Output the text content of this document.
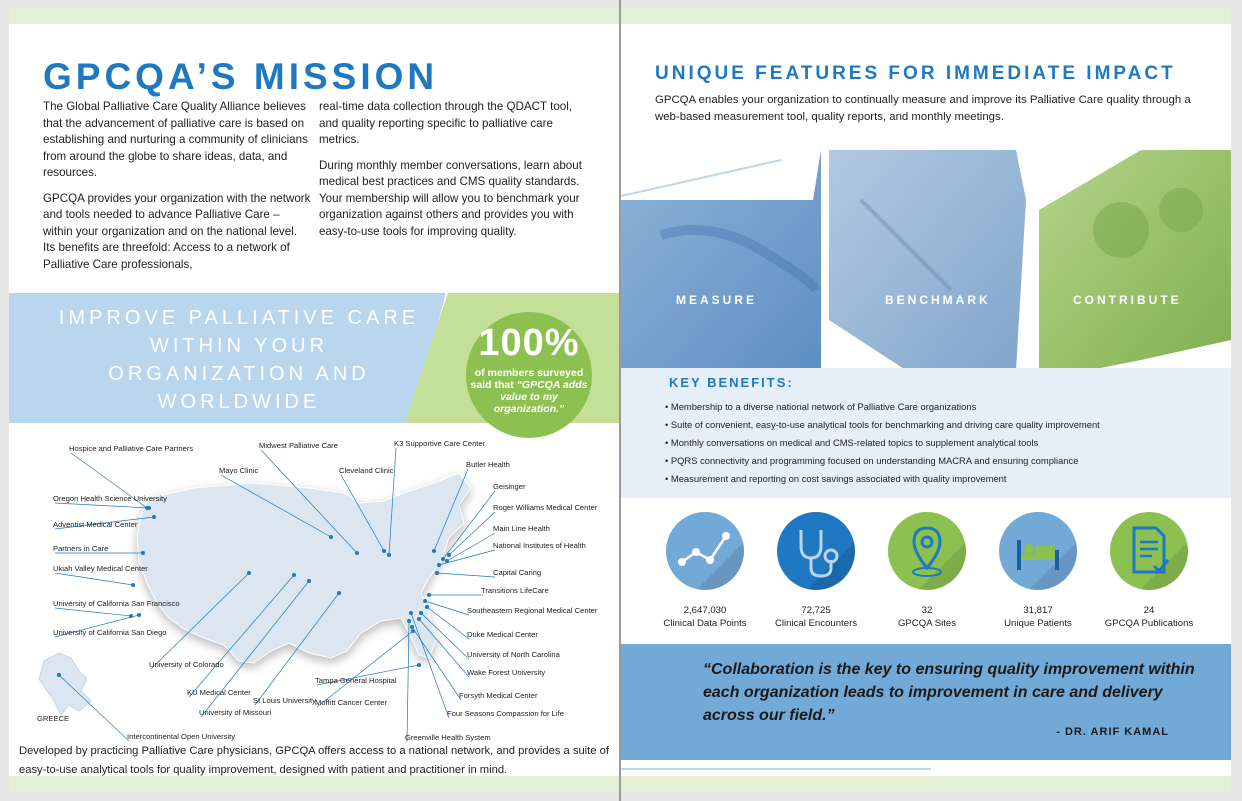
GPCQA’S MISSION

The Global Palliative Care Quality Alliance believes that the advancement of palliative care is based on establishing and nurturing a community of clinicians from around the globe to share ideas, data, and resources.

GPCQA provides your organization with the network and tools needed to advance Palliative Care – within your organization and on the national level. Its benefits are threefold: Access to a network of Palliative Care professionals,

real-time data collection through the QDACT tool, and quality reporting specific to palliative care metrics.

During monthly member conversations, learn about medical best practices and CMS quality standards. Your membership will allow you to benchmark your organization against others and provides you with easy-to-use tools for improving quality.

IMPROVE PALLIATIVE CARE WITHIN YOUR ORGANIZATION AND WORLDWIDE
100%
of members surveyed
said that “GPCQA adds value to my organization.”
Hospice and Palliative Care Partners	Midwest Palliative Care
Mayo Clinic	Cleveland Clinic
K3 Supportive Care Center
Butler Health
Geisinger
Oregon Health Science University
Adventist Medical Center
Partners in Care
Ukiah Valley Medical Center
University of California San Francisco
University of California San Diego
Roger Williams Medical Center
Main Line Health
National Institutes of Health
Capital Caring
Transitions LifeCare
Southeastern Regional Medical Center
Duke Medical Center
University of North Carolina
Wake Forest University
University of Colorado
KU Medical Center
University of Missouri
St Louis University
Tampa General Hospital
Moffitt Cancer Center
Forsyth Medical Center
Four Seasons Compassion for Life
Greenville Health System
Intercontinental Open University
GREECE

Developed by practicing Palliative Care physicians, GPCQA offers access to a national network, and provides a suite of easy-to-use analytical tools for quality improvement, designed with patient and practitioner in mind.

UNIQUE FEATURES FOR IMMEDIATE IMPACT

GPCQA enables your organization to continually measure and improve its Palliative Care quality through a web-based measurement tool, quality reports, and monthly meetings.

MEASURE	BENCHMARK	CONTRIBUTE
KEY BENEFITS:
• Membership to a diverse national network of Palliative Care organizations
• Suite of convenient, easy-to-use analytical tools for benchmarking and driving care quality improvement
• Monthly conversations on medical and CMS-related topics to supplement analytical tools
• PQRS connectivity and programming focused on understanding MACRA and ensuring compliance
• Measurement and reporting on cost savings associated with quality improvement
2,647,030
Clinical Data Points
72,725
Clinical Encounters
32
GPCQA Sites
31,817
Unique Patients
24
GPCQA Publications

“Collaboration is the key to ensuring quality improvement within each organization leads to improvement in care and delivery across our field.”

- DR. ARIF KAMAL
